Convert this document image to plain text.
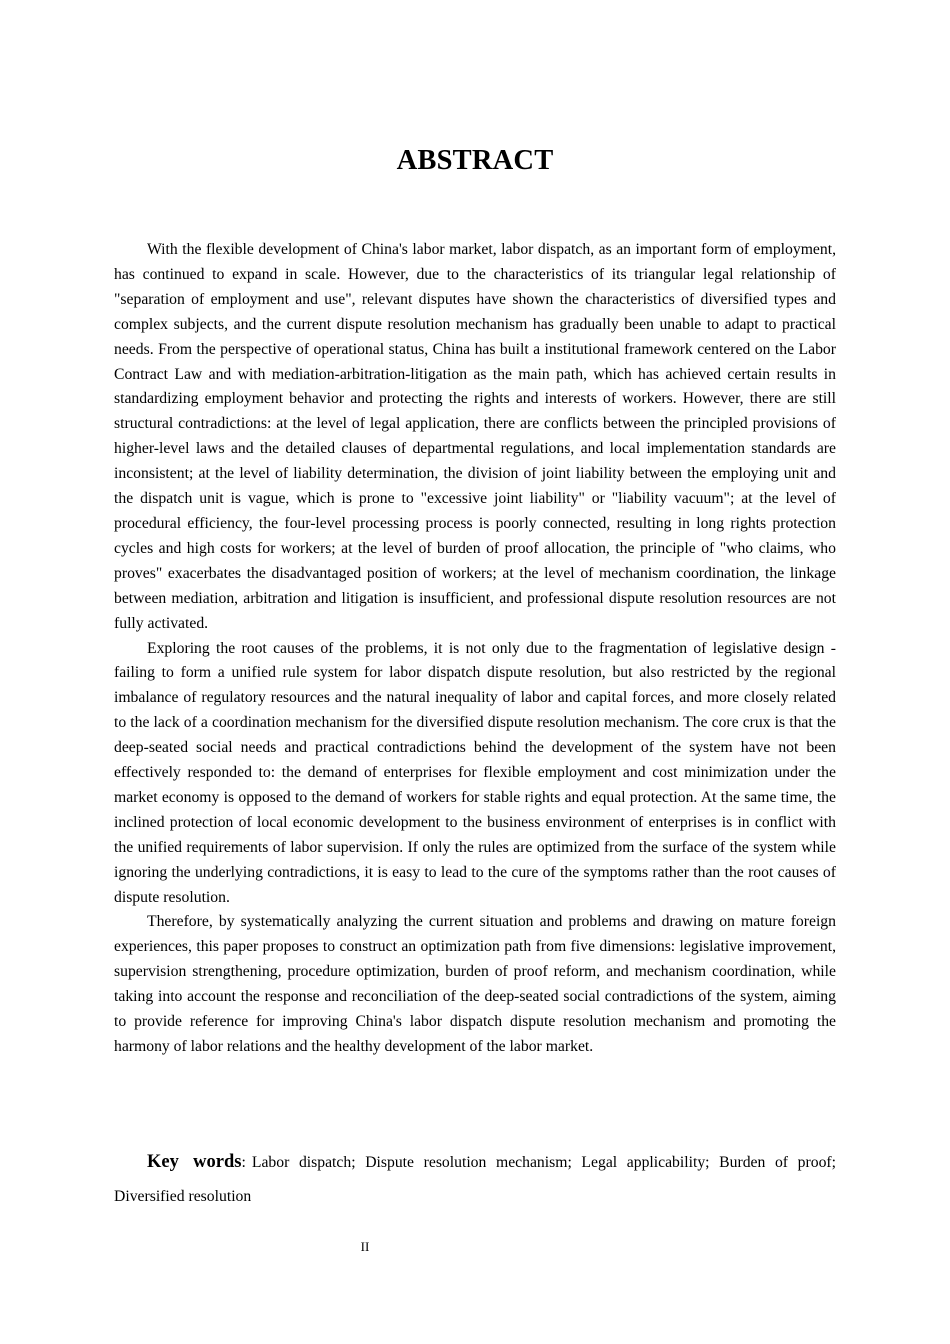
ABSTRACT

With the flexible development of China's labor market, labor dispatch, as an important form of employment, has continued to expand in scale. However, due to the characteristics of its triangular legal relationship of "separation of employment and use", relevant disputes have shown the characteristics of diversified types and complex subjects, and the current dispute resolution mechanism has gradually been unable to adapt to practical needs. From the perspective of operational status, China has built a institutional framework centered on the Labor Contract Law and with mediation-arbitration-litigation as the main path, which has achieved certain results in standardizing employment behavior and protecting the rights and interests of workers. However, there are still structural contradictions: at the level of legal application, there are conflicts between the principled provisions of higher-level laws and the detailed clauses of departmental regulations, and local implementation standards are inconsistent; at the level of liability determination, the division of joint liability between the employing unit and the dispatch unit is vague, which is prone to "excessive joint liability" or "liability vacuum"; at the level of procedural efficiency, the four-level processing process is poorly connected, resulting in long rights protection cycles and high costs for workers; at the level of burden of proof allocation, the principle of "who claims, who proves" exacerbates the disadvantaged position of workers; at the level of mechanism coordination, the linkage between mediation, arbitration and litigation is insufficient, and professional dispute resolution resources are not fully activated.

Exploring the root causes of the problems, it is not only due to the fragmentation of legislative design - failing to form a unified rule system for labor dispatch dispute resolution, but also restricted by the regional imbalance of regulatory resources and the natural inequality of labor and capital forces, and more closely related to the lack of a coordination mechanism for the diversified dispute resolution mechanism. The core crux is that the deep-seated social needs and practical contradictions behind the development of the system have not been effectively responded to: the demand of enterprises for flexible employment and cost minimization under the market economy is opposed to the demand of workers for stable rights and equal protection. At the same time, the inclined protection of local economic development to the business environment of enterprises is in conflict with the unified requirements of labor supervision. If only the rules are optimized from the surface of the system while ignoring the underlying contradictions, it is easy to lead to the cure of the symptoms rather than the root causes of dispute resolution.

Therefore, by systematically analyzing the current situation and problems and drawing on mature foreign experiences, this paper proposes to construct an optimization path from five dimensions: legislative improvement, supervision strengthening, procedure optimization, burden of proof reform, and mechanism coordination, while taking into account the response and reconciliation of the deep-seated social contradictions of the system, aiming to provide reference for improving China's labor dispatch dispute resolution mechanism and promoting the harmony of labor relations and the healthy development of the labor market.

Key words: Labor dispatch; Dispute resolution mechanism; Legal applicability; Burden of proof; Diversified resolution

II
